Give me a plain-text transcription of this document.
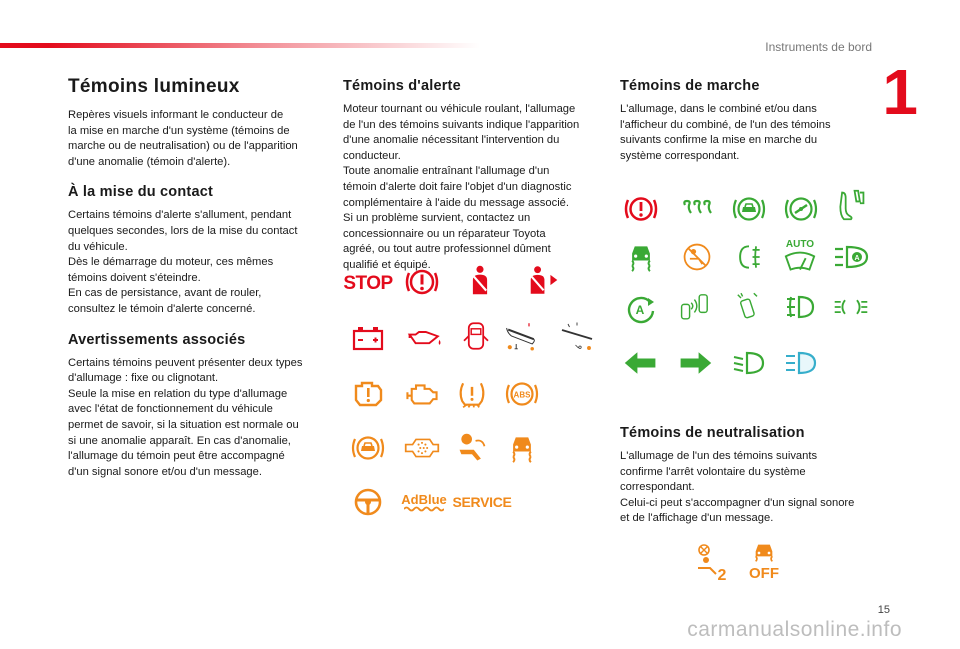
Instruments de bord
1
Témoins lumineux

Repères visuels informant le conducteur de
la mise en marche d'un système (témoins de
marche ou de neutralisation) ou de l'apparition
d'une anomalie (témoin d'alerte).

À la mise du contact

Certains témoins d'alerte s'allument, pendant
quelques secondes, lors de la mise du contact
du véhicule.
Dès le démarrage du moteur, ces mêmes
témoins doivent s'éteindre.
En cas de persistance, avant de rouler,
consultez le témoin d'alerte concerné.

Avertissements associés

Certains témoins peuvent présenter deux types
d'allumage : fixe ou clignotant.
Seule la mise en relation du type d'allumage
avec l'état de fonctionnement du véhicule
permet de savoir, si la situation est normale ou
si une anomalie apparaît. En cas d'anomalie,
l'allumage du témoin peut être accompagné
d'un signal sonore et/ou d'un message.

Témoins d'alerte

Moteur tournant ou véhicule roulant, l'allumage
de l'un des témoins suivants indique l'apparition
d'une anomalie nécessitant l'intervention du
conducteur.
Toute anomalie entraînant l'allumage d'un
témoin d'alerte doit faire l'objet d'un diagnostic
complémentaire à l'aide du message associé.
Si un problème survient, contactez un
concessionnaire ou un réparateur Toyota
agréé, ou tout autre professionnel dûment
qualifié et équipé.

STOP
ABS
AdBlue SERVICE
Témoins de marche

L'allumage, dans le combiné et/ou dans
l'afficheur du combiné, de l'un des témoins
suivants confirme la mise en marche du
système correspondant.

AUTO
A
A
Témoins de neutralisation

L'allumage de l'un des témoins suivants
confirme l'arrêt volontaire du système
correspondant.
Celui-ci peut s'accompagner d'un signal sonore
et de l'affichage d'un message.

2 OFF
15
carmanualsonline.info
